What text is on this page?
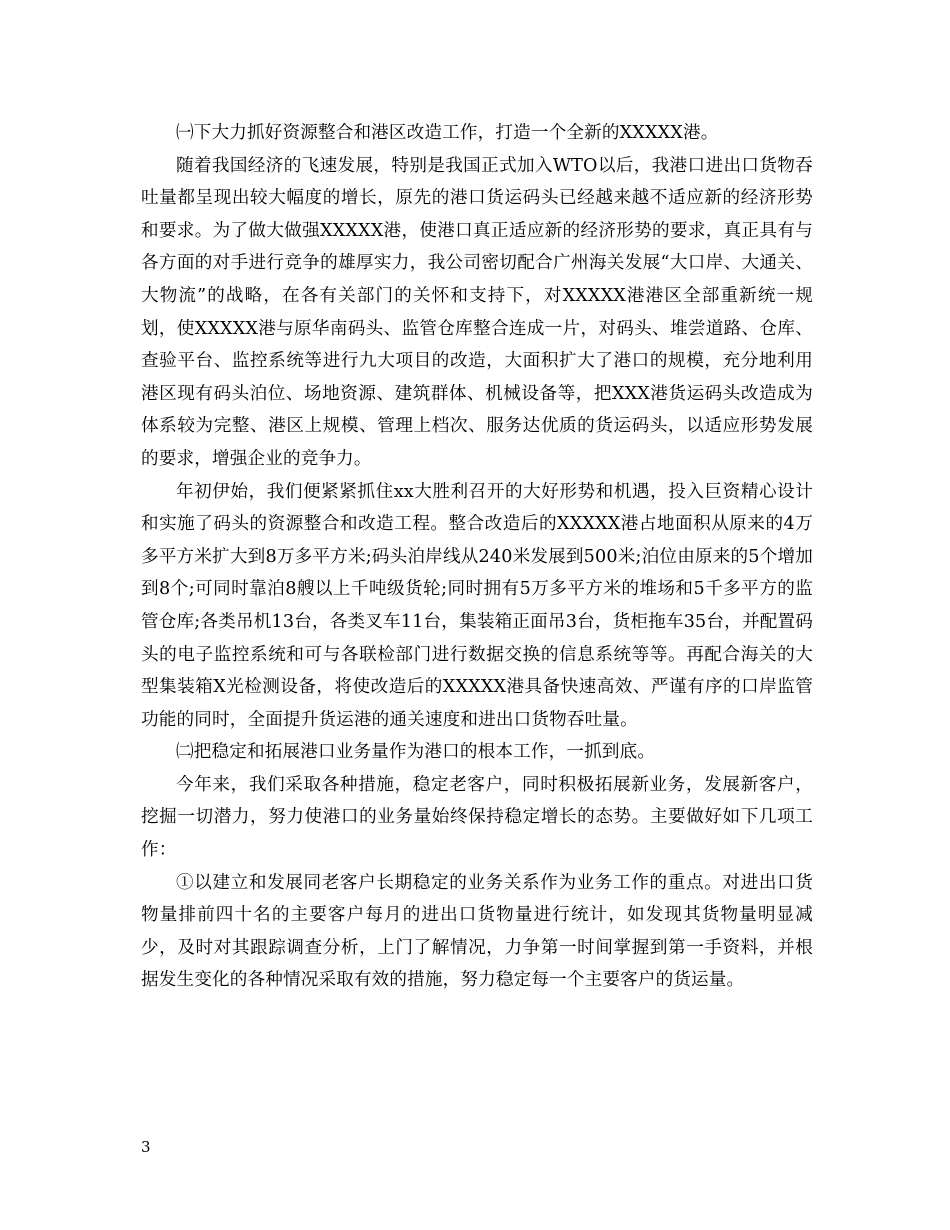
㈠下大力抓好资源整合和港区改造工作，打造一个全新的XXXXX港。

随着我国经济的飞速发展，特别是我国正式加入WTO以后，我港口进出口货物吞吐量都呈现出较大幅度的增长，原先的港口货运码头已经越来越不适应新的经济形势和要求。为了做大做强XXXXX港，使港口真正适应新的经济形势的要求，真正具有与各方面的对手进行竞争的雄厚实力，我公司密切配合广州海关发展“大口岸、大通关、大物流”的战略，在各有关部门的关怀和支持下，对XXXXX港港区全部重新统一规划，使XXXXX港与原华南码头、监管仓库整合连成一片，对码头、堆尝道路、仓库、查验平台、监控系统等进行九大项目的改造，大面积扩大了港口的规模，充分地利用港区现有码头泊位、场地资源、建筑群体、机械设备等，把XXX港货运码头改造成为体系较为完整、港区上规模、管理上档次、服务达优质的货运码头，以适应形势发展的要求，增强企业的竞争力。

年初伊始，我们便紧紧抓住xx大胜利召开的大好形势和机遇，投入巨资精心设计和实施了码头的资源整合和改造工程。整合改造后的XXXXX港占地面积从原来的4万多平方米扩大到8万多平方米;码头泊岸线从240米发展到500米;泊位由原来的5个增加到8个;可同时靠泊8艘以上千吨级货轮;同时拥有5万多平方米的堆场和5千多平方的监管仓库;各类吊机13台，各类叉车11台，集装箱正面吊3台，货柜拖车35台，并配置码头的电子监控系统和可与各联检部门进行数据交换的信息系统等等。再配合海关的大型集装箱X光检测设备，将使改造后的XXXXX港具备快速高效、严谨有序的口岸监管功能的同时，全面提升货运港的通关速度和进出口货物吞吐量。

㈡把稳定和拓展港口业务量作为港口的根本工作，一抓到底。

今年来，我们采取各种措施，稳定老客户，同时积极拓展新业务，发展新客户，挖掘一切潜力，努力使港口的业务量始终保持稳定增长的态势。主要做好如下几项工作：

①以建立和发展同老客户长期稳定的业务关系作为业务工作的重点。对进出口货物量排前四十名的主要客户每月的进出口货物量进行统计，如发现其货物量明显减少，及时对其跟踪调查分析，上门了解情况，力争第一时间掌握到第一手资料，并根据发生变化的各种情况采取有效的措施，努力稳定每一个主要客户的货运量。

3
